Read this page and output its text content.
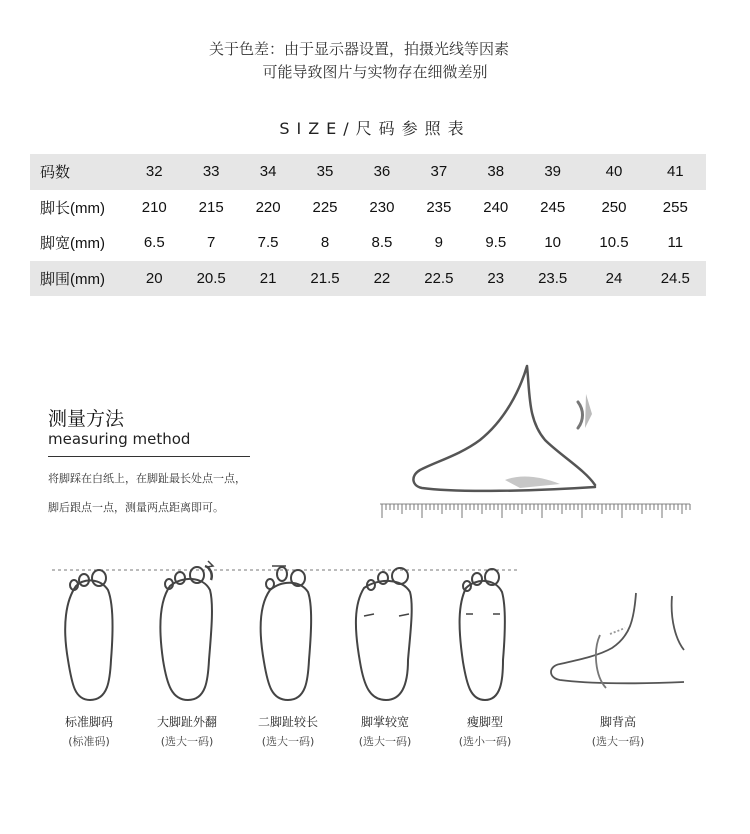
关于色差：由于显示器设置，拍摄光线等因素
可能导致图片与实物存在细微差别
SIZE/尺码参照表
码数	32	33	34	35	36	37	38	39	40	41
脚长(mm)	210	215	220	225	230	235	240	245	250	255
脚宽(mm)	6.5	7	7.5	8	8.5	9	9.5	10	10.5	11
脚围(mm)	20	20.5	21	21.5	22	22.5	23	23.5	24	24.5
测量方法
measuring method
将脚踩在白纸上，在脚趾最长处点一点，
脚后跟点一点，测量两点距离即可。
标准脚码
(标准码)
大脚趾外翻
(选大一码)
二脚趾较长
(选大一码)
脚掌较宽
(选大一码)
瘦脚型
(选小一码)
脚背高
(选大一码)
